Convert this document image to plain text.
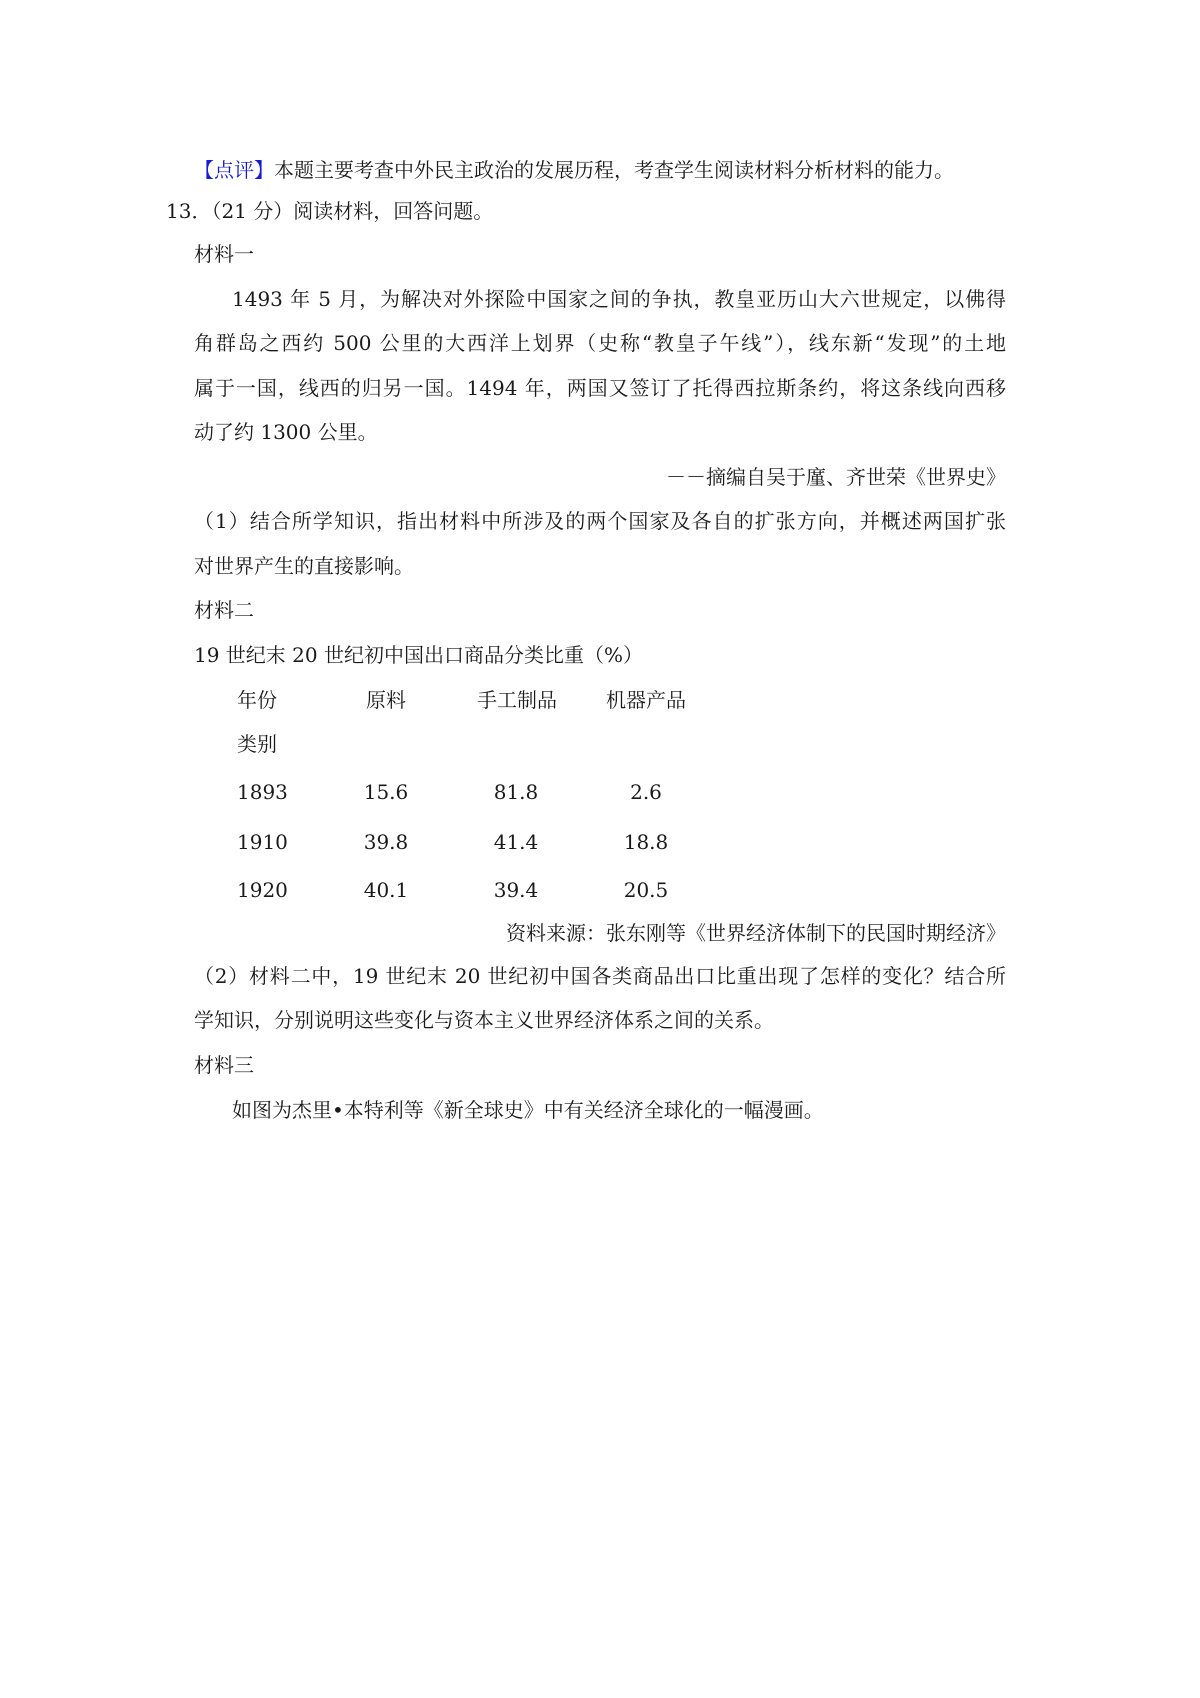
【点评】本题主要考查中外民主政治的发展历程，考查学生阅读材料分析材料的能力。
13．（21 分）阅读材料，回答问题。
材料一
1493 年 5 月，为解决对外探险中国家之间的争执，教皇亚历山大六世规定，以佛得
角群岛之西约 500 公里的大西洋上划界（史称“教皇子午线”），线东新“发现”的土地
属于一国，线西的归另一国。1494 年，两国又签订了托得西拉斯条约，将这条线向西移
动了约 1300 公里。
－－摘编自吴于廑、齐世荣《世界史》
（1）结合所学知识，指出材料中所涉及的两个国家及各自的扩张方向，并概述两国扩张
对世界产生的直接影响。
材料二
19 世纪末 20 世纪初中国出口商品分类比重（%）
年份	原料	手工制品 机器产品
类别
1893	15.6	81.8	2.6
1910	39.8	41.4	18.8
1920	40.1	39.4	20.5
资料来源：张东刚等《世界经济体制下的民国时期经济》
（2）材料二中，19 世纪末 20 世纪初中国各类商品出口比重出现了怎样的变化？结合所
学知识，分别说明这些变化与资本主义世界经济体系之间的关系。
材料三
如图为杰里•本特利等《新全球史》中有关经济全球化的一幅漫画。
